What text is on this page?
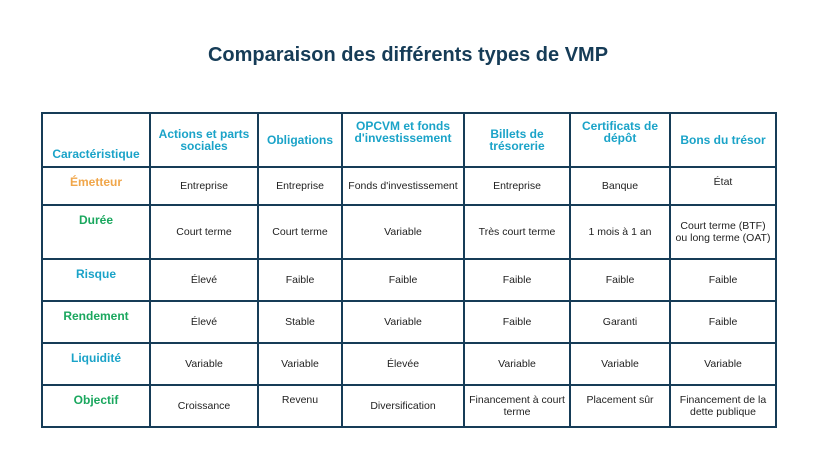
Comparaison des différents types de VMP
Caractéristique	Actions et parts sociales	Obligations	OPCVM et fonds d'investissement	Billets de trésorerie	Certificats de dépôt	Bons du trésor
Émetteur	Entreprise	Entreprise	Fonds d'investissement	Entreprise	Banque	État
Durée	Court terme	Court terme	Variable	Très court terme	1 mois à 1 an	Court terme (BTF) ou long terme (OAT)
Risque	Élevé	Faible	Faible	Faible	Faible	Faible
Rendement	Élevé	Stable	Variable	Faible	Garanti	Faible
Liquidité	Variable	Variable	Élevée	Variable	Variable	Variable
Objectif	Croissance	Revenu	Diversification	Financement à court terme	Placement sûr	Financement de la dette publique
